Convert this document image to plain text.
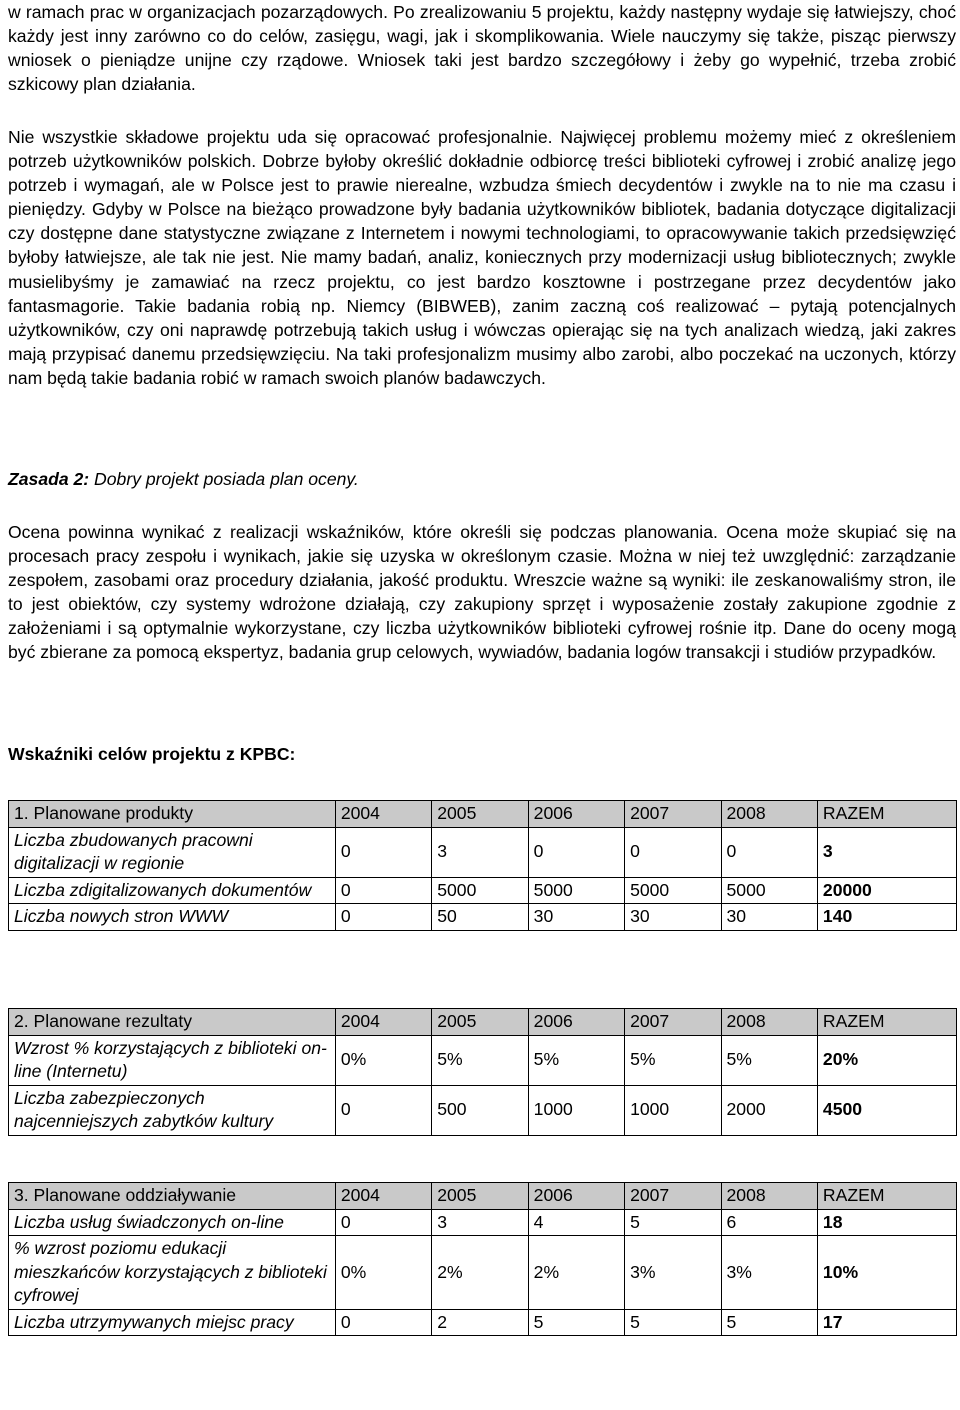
w ramach prac w organizacjach pozarządowych. Po zrealizowaniu 5 projektu, każdy następny wydaje się łatwiejszy, choć każdy jest inny zarówno co do celów, zasięgu, wagi, jak i skomplikowania. Wiele nauczymy się także, pisząc pierwszy wniosek o pieniądze unijne czy rządowe. Wniosek taki jest bardzo szczegółowy i żeby go wypełnić, trzeba zrobić szkicowy plan działania.

Nie wszystkie składowe projektu uda się opracować profesjonalnie. Najwięcej problemu możemy mieć z określeniem potrzeb użytkowników polskich. Dobrze byłoby określić dokładnie odbiorcę treści biblioteki cyfrowej i zrobić analizę jego potrzeb i wymagań, ale w Polsce jest to prawie nierealne, wzbudza śmiech decydentów i zwykle na to nie ma czasu i pieniędzy. Gdyby w Polsce na bieżąco prowadzone były badania użytkowników bibliotek, badania dotyczące digitalizacji czy dostępne dane statystyczne związane z Internetem i nowymi technologiami, to opracowywanie takich przedsięwzięć byłoby łatwiejsze, ale tak nie jest. Nie mamy badań, analiz, koniecznych przy modernizacji usług bibliotecznych; zwykle musielibyśmy je zamawiać na rzecz projektu, co jest bardzo kosztowne i postrzegane przez decydentów jako fantasmagorie. Takie badania robią np. Niemcy (BIBWEB), zanim zaczną coś realizować – pytają potencjalnych użytkowników, czy oni naprawdę potrzebują takich usług i wówczas opierając się na tych analizach wiedzą, jaki zakres mają przypisać danemu przedsięwzięciu. Na taki profesjonalizm musimy albo zarobi, albo poczekać na uczonych, którzy nam będą takie badania robić w ramach swoich planów badawczych.

Zasada 2: Dobry projekt posiada plan oceny.

Ocena powinna wynikać z realizacji wskaźników, które określi się podczas planowania. Ocena może skupiać się na procesach pracy zespołu i wynikach, jakie się uzyska w określonym czasie. Można w niej też uwzględnić: zarządzanie zespołem, zasobami oraz procedury działania, jakość produktu. Wreszcie ważne są wyniki: ile zeskanowaliśmy stron, ile to jest obiektów, czy systemy wdrożone działają, czy zakupiony sprzęt i wyposażenie zostały zakupione zgodnie z założeniami i są optymalnie wykorzystane, czy liczba użytkowników biblioteki cyfrowej rośnie itp. Dane do oceny mogą być zbierane za pomocą ekspertyz, badania grup celowych, wywiadów, badania logów transakcji i studiów przypadków.

Wskaźniki celów projektu z KPBC:
1. Planowane produkty	2004	2005	2006	2007	2008	RAZEM
Liczba zbudowanych pracowni digitalizacji w regionie	0	3	0	0	0	3
Liczba zdigitalizowanych dokumentów	0	5000	5000	5000	5000	20000
Liczba nowych stron WWW	0	50	30	30	30	140
2. Planowane rezultaty	2004	2005	2006	2007	2008	RAZEM
Wzrost % korzystających z biblioteki on-line (Internetu)	0%	5%	5%	5%	5%	20%
Liczba zabezpieczonych najcenniejszych zabytków kultury	0	500	1000	1000	2000	4500
3. Planowane oddziaływanie	2004	2005	2006	2007	2008	RAZEM
Liczba usług świadczonych on-line	0	3	4	5	6	18
% wzrost poziomu edukacji mieszkańców korzystających z biblioteki cyfrowej	0%	2%	2%	3%	3%	10%
Liczba utrzymywanych miejsc pracy	0	2	5	5	5	17
